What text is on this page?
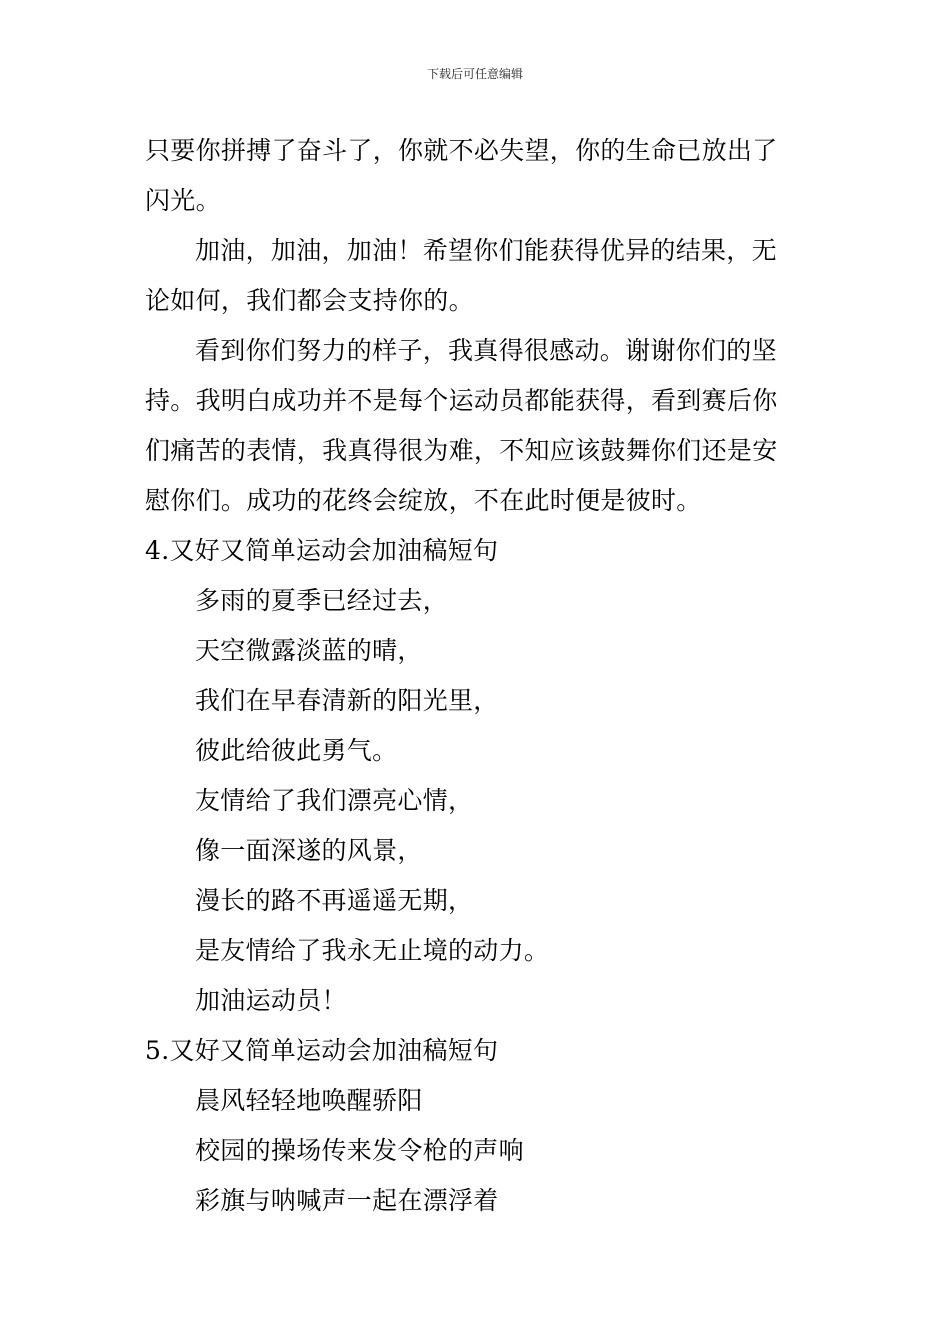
下载后可任意编辑
只要你拼搏了奋斗了，你就不必失望，你的生命已放出了
闪光。
加油，加油，加油！希望你们能获得优异的结果，无
论如何，我们都会支持你的。
看到你们努力的样子，我真得很感动。谢谢你们的坚
持。我明白成功并不是每个运动员都能获得，看到赛后你
们痛苦的表情，我真得很为难，不知应该鼓舞你们还是安
慰你们。成功的花终会绽放，不在此时便是彼时。
4.又好又简单运动会加油稿短句
多雨的夏季已经过去，
天空微露淡蓝的晴，
我们在早春清新的阳光里，
彼此给彼此勇气。
友情给了我们漂亮心情，
像一面深遂的风景，
漫长的路不再遥遥无期，
是友情给了我永无止境的动力。
加油运动员！
5.又好又简单运动会加油稿短句
晨风轻轻地唤醒骄阳
校园的操场传来发令枪的声响
彩旗与呐喊声一起在漂浮着
